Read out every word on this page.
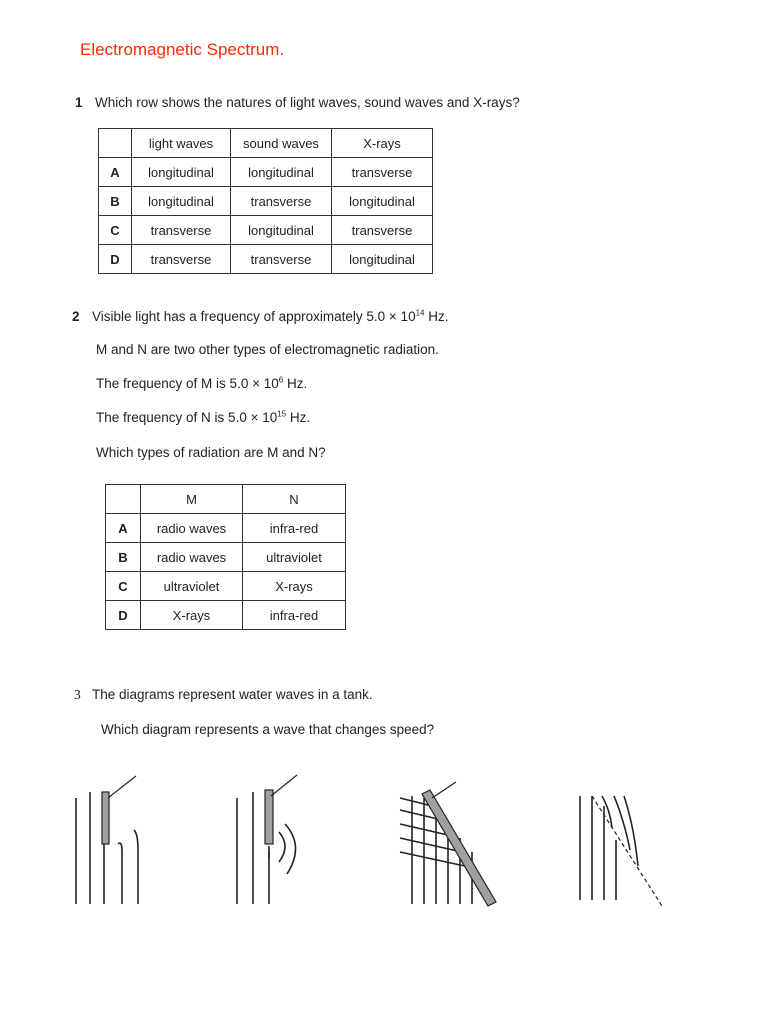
Electromagnetic Spectrum.
1 Which row shows the natures of light waves, sound waves and X-rays?
	light waves	sound waves	X-rays
A	longitudinal	longitudinal	transverse
B	longitudinal	transverse	longitudinal
C	transverse	longitudinal	transverse
D	transverse	transverse	longitudinal
2 Visible light has a frequency of approximately $5.0 \times 10^{14}$ Hz.
M and N are two other types of electromagnetic radiation.
The frequency of M is $5.0 \times 10^6$ Hz.
The frequency of N is $5.0 \times 10^{15}$ Hz.
Which types of radiation are M and N?
	M	N
A	radio waves	infra-red
B	radio waves	ultraviolet
C	ultraviolet	X-rays
D	X-rays	infra-red
3 The diagrams represent water waves in a tank.
Which diagram represents a wave that changes speed?
